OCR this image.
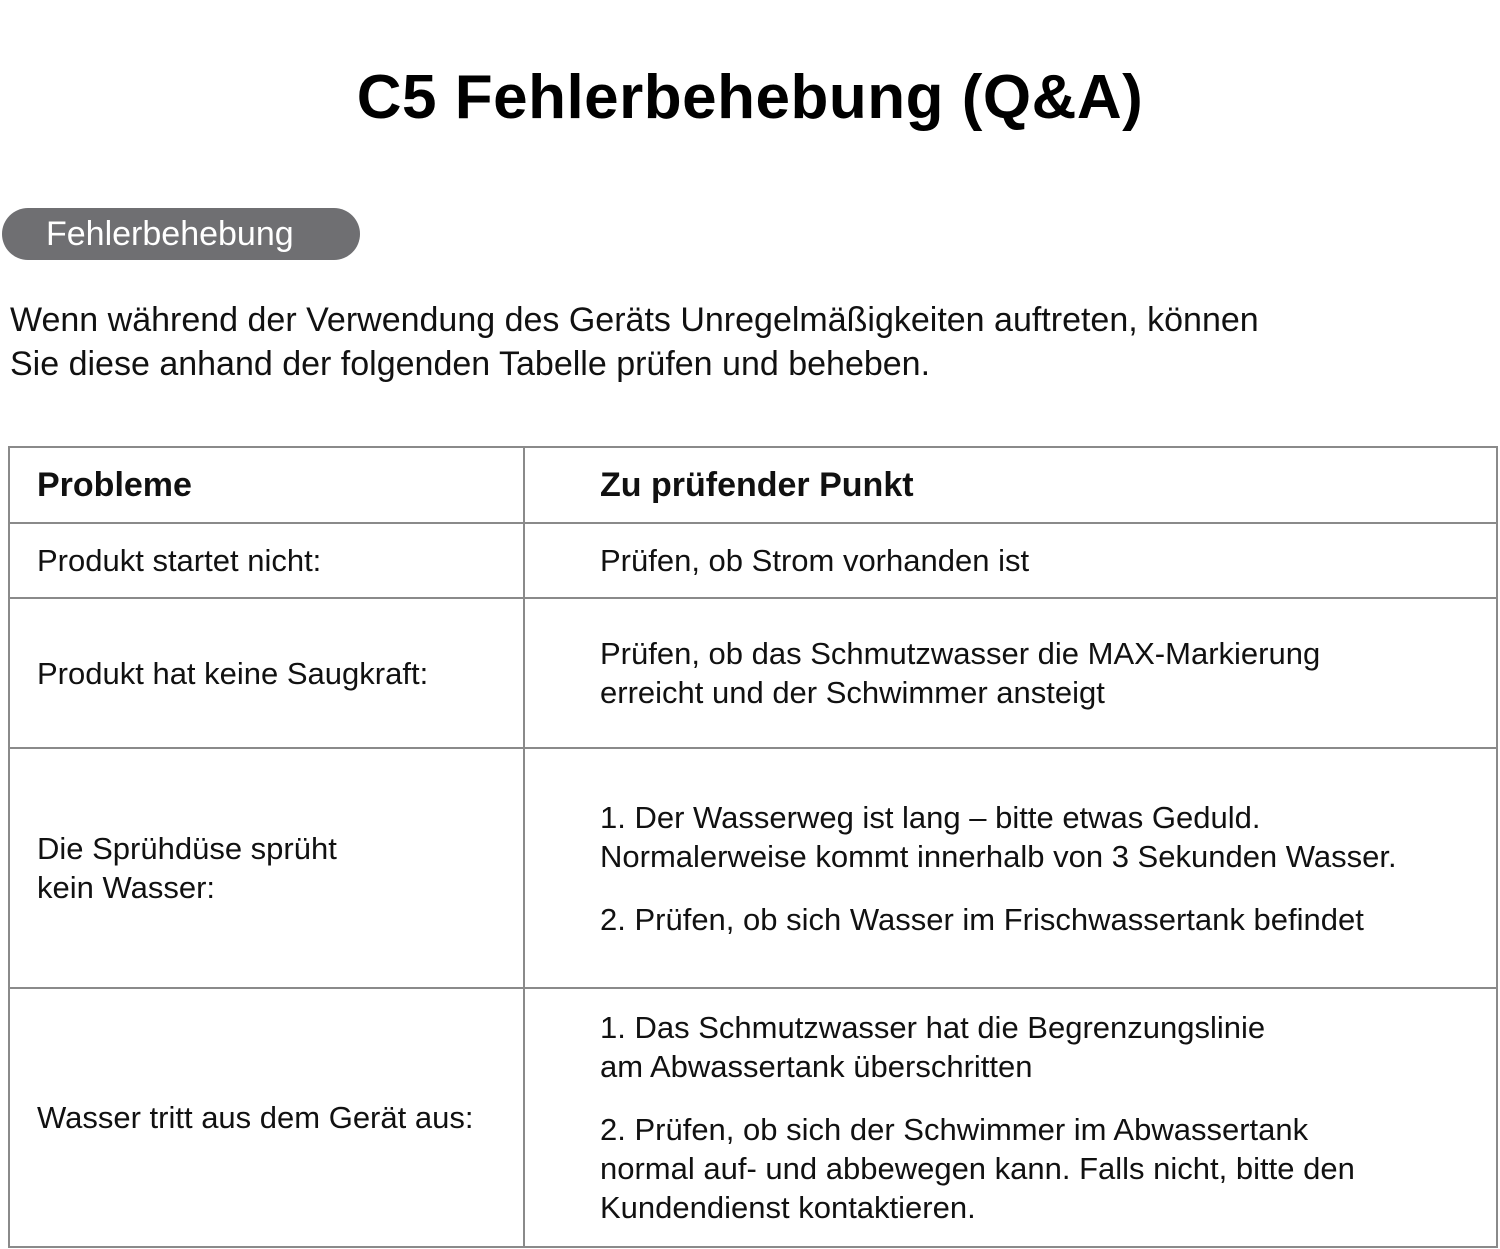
C5 Fehlerbehebung (Q&A)
Fehlerbehebung

Wenn während der Verwendung des Geräts Unregelmäßigkeiten auftreten, können
Sie diese anhand der folgenden Tabelle prüfen und beheben.

Probleme	Zu prüfender Punkt

Produkt startet nicht:	Prüfen, ob Strom vorhanden ist

Produkt hat keine Saugkraft:	Prüfen, ob das Schmutzwasser die MAX-Markierung
erreicht und der Schwimmer ansteigt

Die Sprühdüse sprüht
kein Wasser:	1. Der Wasserweg ist lang – bitte etwas Geduld.
Normalerweise kommt innerhalb von 3 Sekunden Wasser.
2. Prüfen, ob sich Wasser im Frischwassertank befindet

Wasser tritt aus dem Gerät aus:	1. Das Schmutzwasser hat die Begrenzungslinie
am Abwassertank überschritten
2. Prüfen, ob sich der Schwimmer im Abwassertank
normal auf- und abbewegen kann. Falls nicht, bitte den
Kundendienst kontaktieren.
